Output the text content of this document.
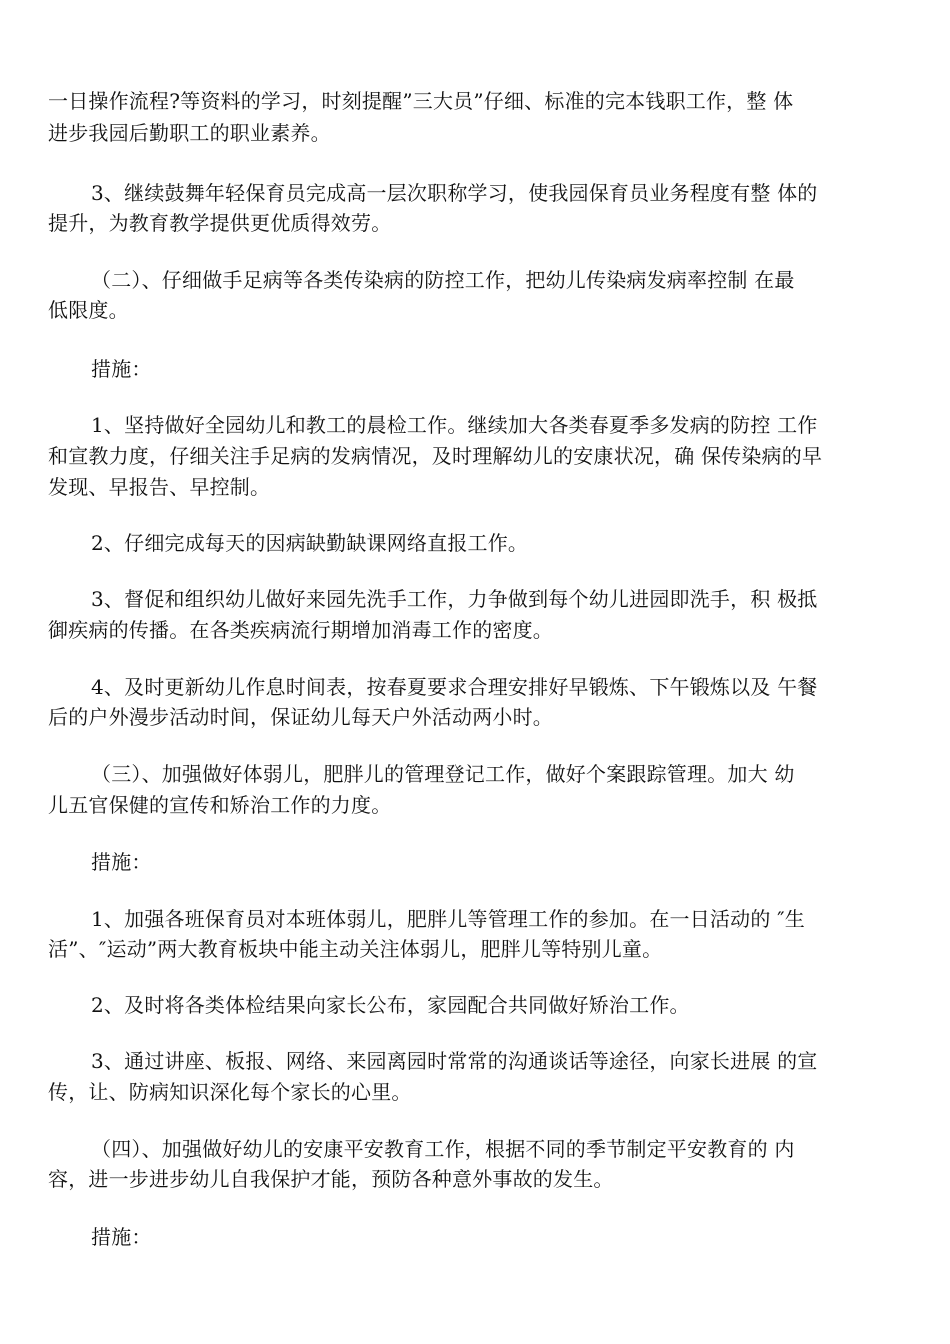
一日操作流程?等资料的学习，时刻提醒”三大员”仔细、标准的完本钱职工作，整 体
进步我园后勤职工的职业素养。
3、继续鼓舞年轻保育员完成高一层次职称学习，使我园保育员业务程度有整 体的
提升，为教育教学提供更优质得效劳。
（二）、仔细做手足病等各类传染病的防控工作，把幼儿传染病发病率控制 在最
低限度。
措施：
1、坚持做好全园幼儿和教工的晨检工作。继续加大各类春夏季多发病的防控 工作
和宣教力度，仔细关注手足病的发病情况，及时理解幼儿的安康状况，确 保传染病的早
发现、早报告、早控制。
2、仔细完成每天的因病缺勤缺课网络直报工作。
3、督促和组织幼儿做好来园先洗手工作，力争做到每个幼儿进园即洗手，积 极抵
御疾病的传播。在各类疾病流行期增加消毒工作的密度。
4、及时更新幼儿作息时间表，按春夏要求合理安排好早锻炼、下午锻炼以及 午餐
后的户外漫步活动时间，保证幼儿每天户外活动两小时。
（三）、加强做好体弱儿，肥胖儿的管理登记工作，做好个案跟踪管理。加大 幼
儿五官保健的宣传和矫治工作的力度。
措施：
1、加强各班保育员对本班体弱儿，肥胖儿等管理工作的参加。在一日活动的 ″生
活”、″运动”两大教育板块中能主动关注体弱儿，肥胖儿等特别儿童。
2、及时将各类体检结果向家长公布，家园配合共同做好矫治工作。
3、通过讲座、板报、网络、来园离园时常常的沟通谈话等途径，向家长进展 的宣
传，让、防病知识深化每个家长的心里。
（四）、加强做好幼儿的安康平安教育工作，根据不同的季节制定平安教育的 内
容，进一步进步幼儿自我保护才能，预防各种意外事故的发生。
措施：
